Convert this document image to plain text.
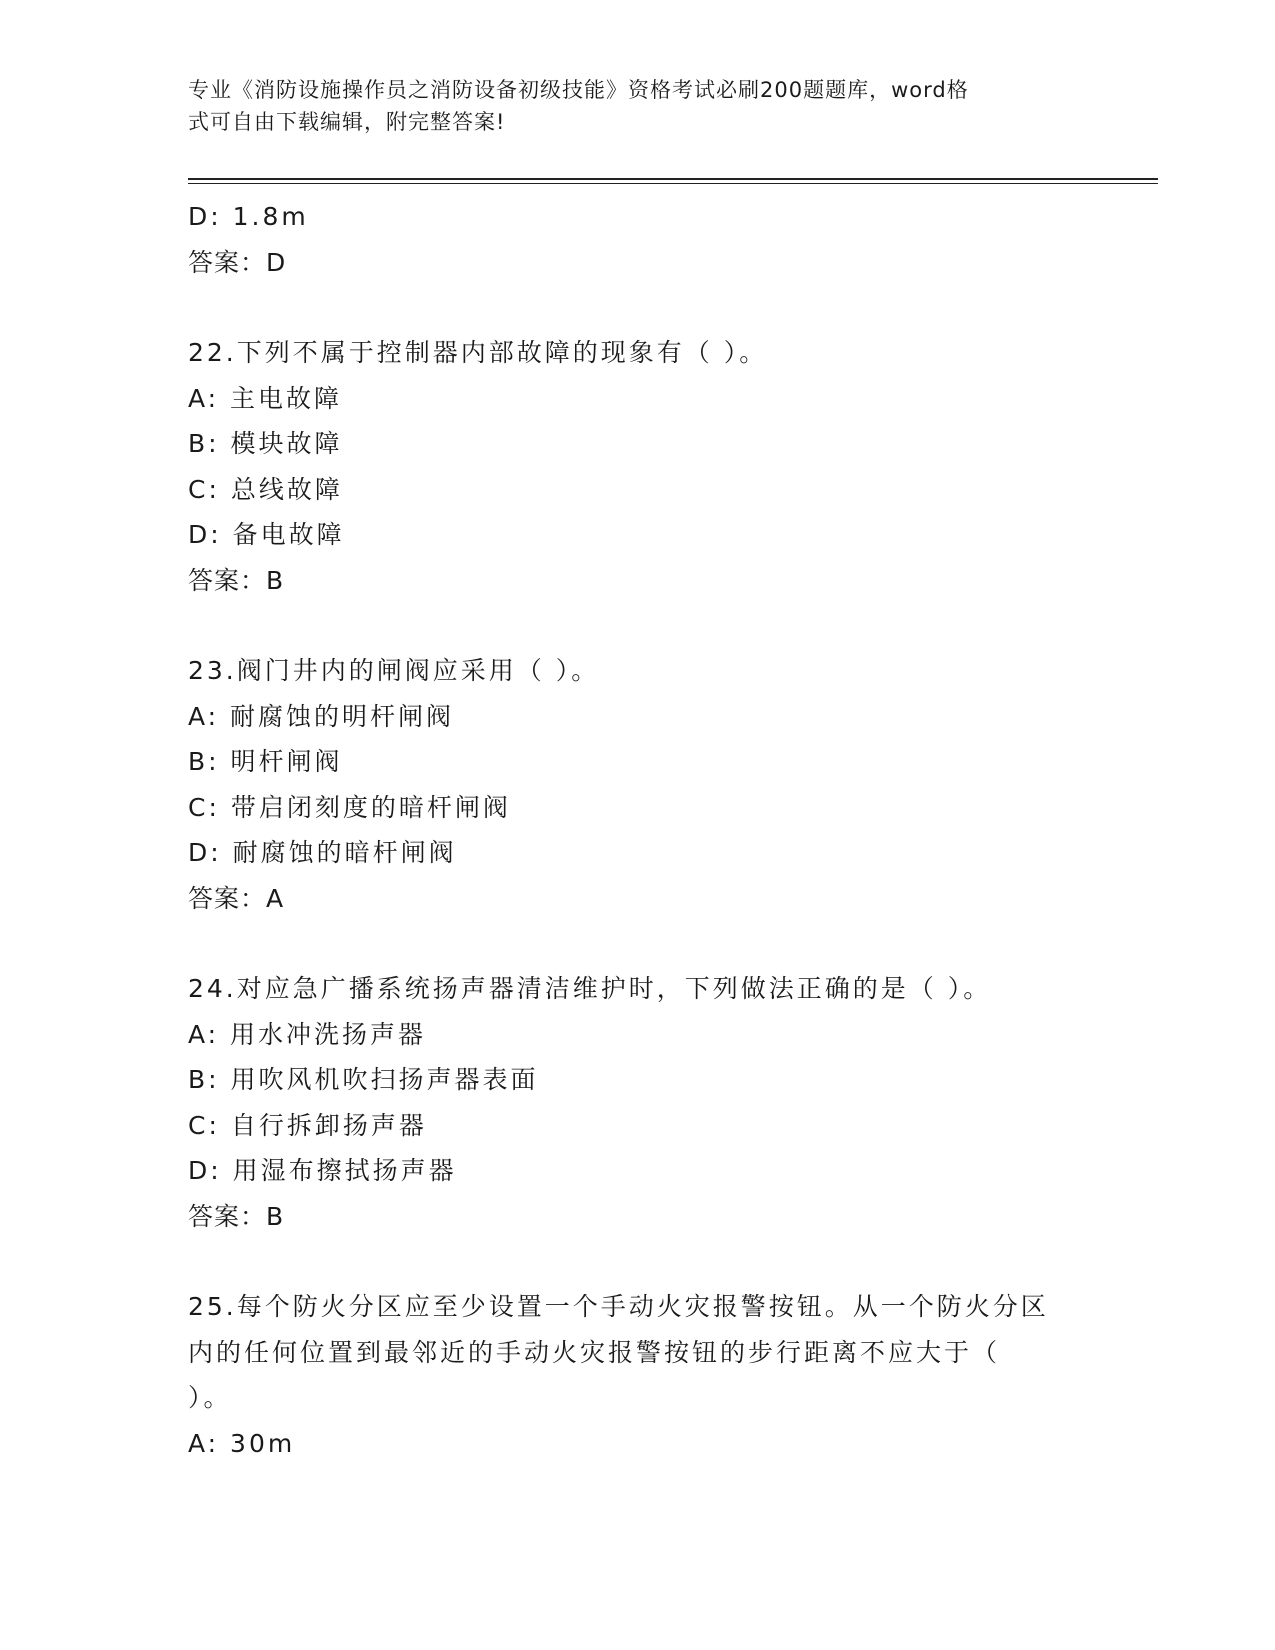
专业《消防设施操作员之消防设备初级技能》资格考试必刷200题题库，word格
式可自由下载编辑，附完整答案!
D: 1.8m
答案：D
22.下列不属于控制器内部故障的现象有（ ）。
A: 主电故障
B: 模块故障
C: 总线故障
D: 备电故障
答案：B
23.阀门井内的闸阀应采用（ ）。
A: 耐腐蚀的明杆闸阀
B: 明杆闸阀
C: 带启闭刻度的暗杆闸阀
D: 耐腐蚀的暗杆闸阀
答案：A
24.对应急广播系统扬声器清洁维护时，下列做法正确的是（ ）。
A: 用水冲洗扬声器
B: 用吹风机吹扫扬声器表面
C: 自行拆卸扬声器
D: 用湿布擦拭扬声器
答案：B
25.每个防火分区应至少设置一个手动火灾报警按钮。从一个防火分区
内的任何位置到最邻近的手动火灾报警按钮的步行距离不应大于（
）。
A: 30m
